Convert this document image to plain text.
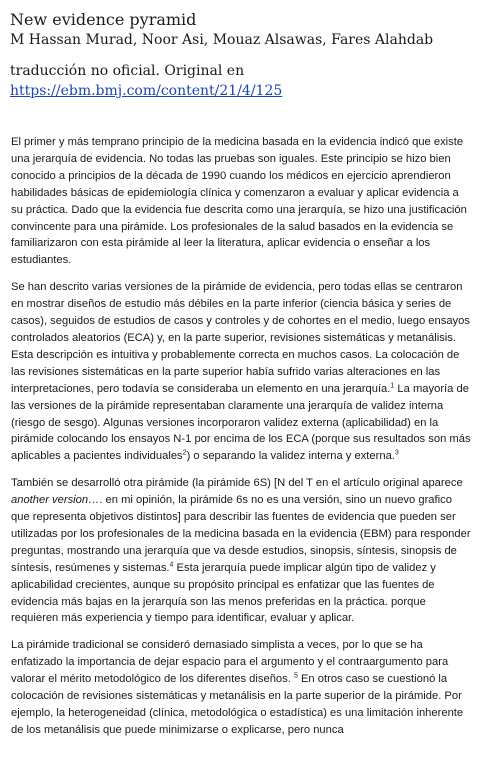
New evidence pyramid
M Hassan Murad, Noor Asi, Mouaz Alsawas, Fares Alahdab
traducción no oficial. Original en
https://ebm.bmj.com/content/21/4/125

El primer y más temprano principio de la medicina basada en la evidencia indicó que existe una jerarquía de evidencia. No todas las pruebas son iguales. Este principio se hizo bien conocido a principios de la década de 1990 cuando los médicos en ejercicio aprendieron habilidades básicas de epidemiología clínica y comenzaron a evaluar y aplicar evidencia a su práctica. Dado que la evidencia fue descrita como una jerarquía, se hizo una justificación convincente para una pirámide. Los profesionales de la salud basados en la evidencia se familiarizaron con esta pirámide al leer la literatura, aplicar evidencia o enseñar a los estudiantes.

Se han descrito varias versiones de la pirámide de evidencia, pero todas ellas se centraron en mostrar diseños de estudio más débiles en la parte inferior (ciencia básica y series de casos), seguidos de estudios de casos y controles y de cohortes en el medio, luego ensayos controlados aleatorios (ECA) y, en la parte superior, revisiones sistemáticas y metanálisis. Esta descripción es intuitiva y probablemente correcta en muchos casos. La colocación de las revisiones sistemáticas en la parte superior había sufrido varias alteraciones en las interpretaciones, pero todavía se consideraba un elemento en una jerarquía.$^1$ La mayoría de las versiones de la pirámide representaban claramente una jerarquía de validez interna (riesgo de sesgo). Algunas versiones incorporaron validez externa (aplicabilidad) en la pirámide colocando los ensayos N-1 por encima de los ECA (porque sus resultados son más aplicables a pacientes individuales$^2$) o separando la validez interna y externa.$^3$

También se desarrolló otra pirámide (la pirámide 6S) [N del T en el artículo original aparece another version…. en mi opinión, la pirámide 6s no es una versión, sino un nuevo grafico que representa objetivos distintos] para describir las fuentes de evidencia que pueden ser utilizadas por los profesionales de la medicina basada en la evidencia (EBM) para responder preguntas, mostrando una jerarquía que va desde estudios, sinopsis, síntesis, sinopsis de síntesis, resúmenes y sistemas.$^4$ Esta jerarquía puede implicar algún tipo de validez y aplicabilidad crecientes, aunque su propósito principal es enfatizar que las fuentes de evidencia más bajas en la jerarquía son las menos preferidas en la práctica. porque requieren más experiencia y tiempo para identificar, evaluar y aplicar.

La pirámide tradicional se consideró demasiado simplista a veces, por lo que se ha enfatizado la importancia de dejar espacio para el argumento y el contraargumento para valorar el mérito metodológico de los diferentes diseños. $^5$ En otros caso se cuestionó la colocación de revisiones sistemáticas y metanálisis en la parte superior de la pirámide. Por ejemplo, la heterogeneidad (clínica, metodológica o estadística) es una limitación inherente de los metanálisis que puede minimizarse o explicarse, pero nunca
